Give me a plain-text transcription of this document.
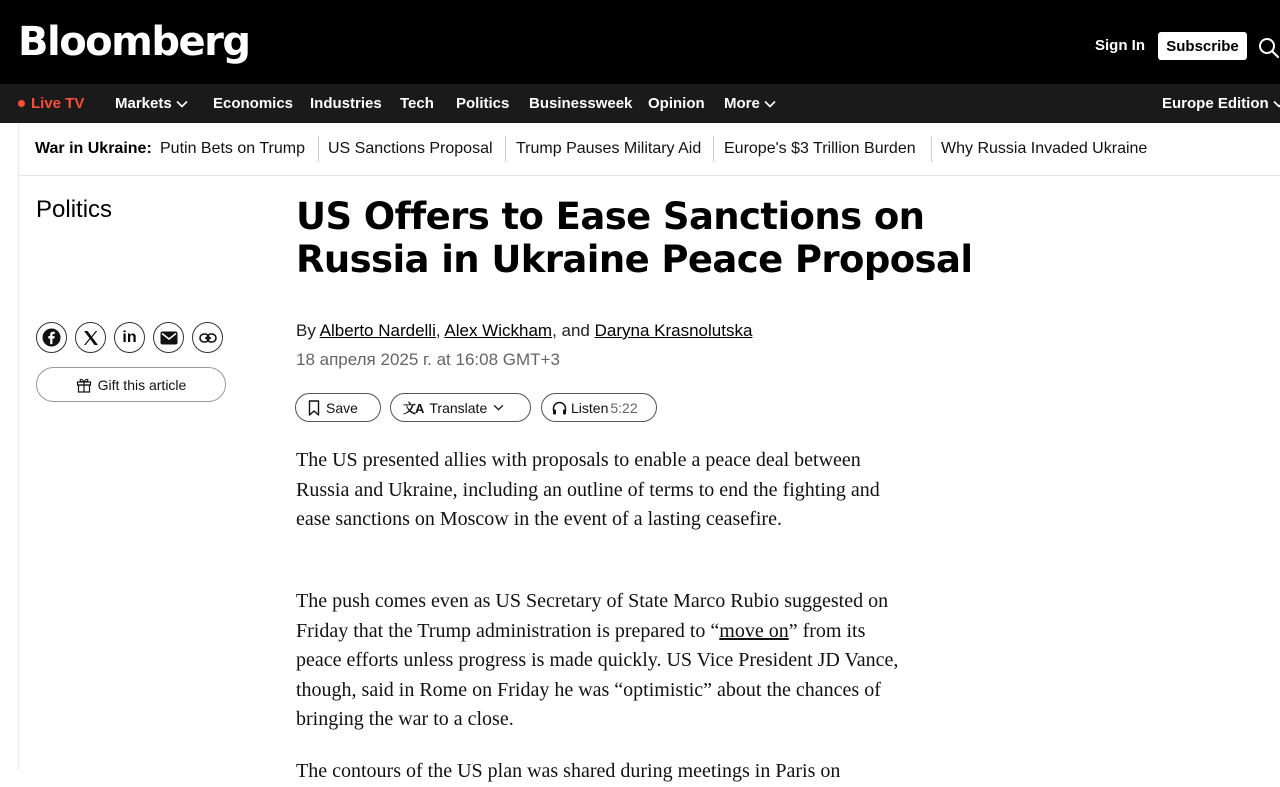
Bloomberg	Sign In	Subscribe
Live TV Markets	Economics Industries Tech Politics Businessweek Opinion More	Europe Edition
War in Ukraine: Putin Bets on Trump US Sanctions Proposal Trump Pauses Military Aid Europe's $3 Trillion Burden Why Russia Invaded Ukraine
Politics
in
Gift this article
US Offers to Ease Sanctions on Russia in Ukraine Peace Proposal
By Alberto Nardelli, Alex Wickham, and Daryna Krasnolutska
18 апреля 2025 г. at 16:08 GMT+3
Save	文A Translate	Listen 5:22

The US presented allies with proposals to enable a peace deal between Russia and Ukraine, including an outline of terms to end the fighting and ease sanctions on Moscow in the event of a lasting ceasefire.

The push comes even as US Secretary of State Marco Rubio suggested on Friday that the Trump administration is prepared to “move on” from its peace efforts unless progress is made quickly. US Vice President JD Vance, though, said in Rome on Friday he was “optimistic” about the chances of bringing the war to a close.

The contours of the US plan was shared during meetings in Paris on
